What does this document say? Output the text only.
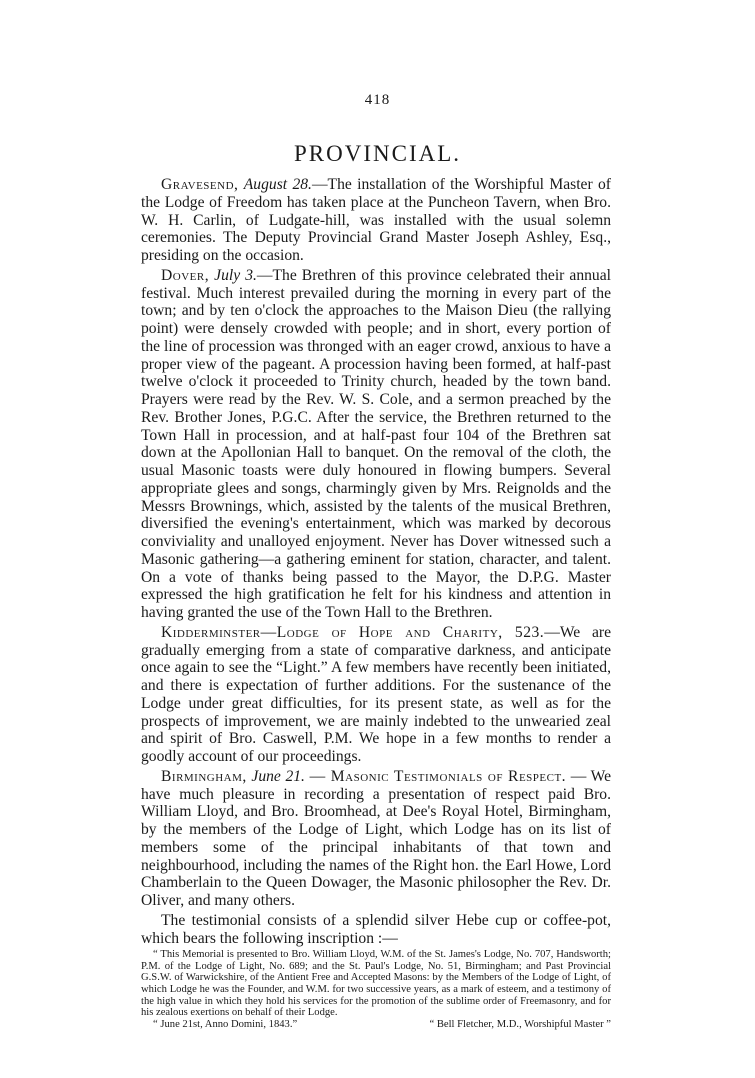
418
PROVINCIAL.

Gravesend, August 28.—The installation of the Worshipful Master of the Lodge of Freedom has taken place at the Puncheon Tavern, when Bro. W. H. Carlin, of Ludgate-hill, was installed with the usual solemn ceremonies. The Deputy Provincial Grand Master Joseph Ashley, Esq., presiding on the occasion.

Dover, July 3.—The Brethren of this province celebrated their annual festival. Much interest prevailed during the morning in every part of the town; and by ten o'clock the approaches to the Maison Dieu (the rallying point) were densely crowded with people; and in short, every portion of the line of procession was thronged with an eager crowd, anxious to have a proper view of the pageant. A procession having been formed, at half-past twelve o'clock it proceeded to Trinity church, headed by the town band. Prayers were read by the Rev. W. S. Cole, and a sermon preached by the Rev. Brother Jones, P.G.C. After the service, the Brethren returned to the Town Hall in procession, and at half-past four 104 of the Brethren sat down at the Apollonian Hall to banquet. On the removal of the cloth, the usual Masonic toasts were duly honoured in flowing bumpers. Several appropriate glees and songs, charmingly given by Mrs. Reignolds and the Messrs Brownings, which, assisted by the talents of the musical Brethren, diversified the evening's entertainment, which was marked by decorous conviviality and unalloyed enjoyment. Never has Dover witnessed such a Masonic gathering—a gathering eminent for station, character, and talent. On a vote of thanks being passed to the Mayor, the D.P.G. Master expressed the high gratification he felt for his kindness and attention in having granted the use of the Town Hall to the Brethren.

Kidderminster—Lodge of Hope and Charity, 523.—We are gradually emerging from a state of comparative darkness, and anticipate once again to see the “Light.” A few members have recently been initiated, and there is expectation of further additions. For the sustenance of the Lodge under great difficulties, for its present state, as well as for the prospects of improvement, we are mainly indebted to the unwearied zeal and spirit of Bro. Caswell, P.M. We hope in a few months to render a goodly account of our proceedings.

Birmingham, June 21. — Masonic Testimonials of Respect. — We have much pleasure in recording a presentation of respect paid Bro. William Lloyd, and Bro. Broomhead, at Dee's Royal Hotel, Birmingham, by the members of the Lodge of Light, which Lodge has on its list of members some of the principal inhabitants of that town and neighbourhood, including the names of the Right hon. the Earl Howe, Lord Chamberlain to the Queen Dowager, the Masonic philosopher the Rev. Dr. Oliver, and many others.

The testimonial consists of a splendid silver Hebe cup or coffee-pot, which bears the following inscription :—

“ This Memorial is presented to Bro. William Lloyd, W.M. of the St. James's Lodge, No. 707, Handsworth; P.M. of the Lodge of Light, No. 689; and the St. Paul's Lodge, No. 51, Birmingham; and Past Provincial G.S.W. of Warwickshire, of the Antient Free and Accepted Masons: by the Members of the Lodge of Light, of which Lodge he was the Founder, and W.M. for two successive years, as a mark of esteem, and a testimony of the high value in which they hold his services for the promotion of the sublime order of Freemasonry, and for his zealous exertions on behalf of their Lodge.

“ June 21st, Anno Domini, 1843.”	“ Bell Fletcher, M.D., Worshipful Master ”
